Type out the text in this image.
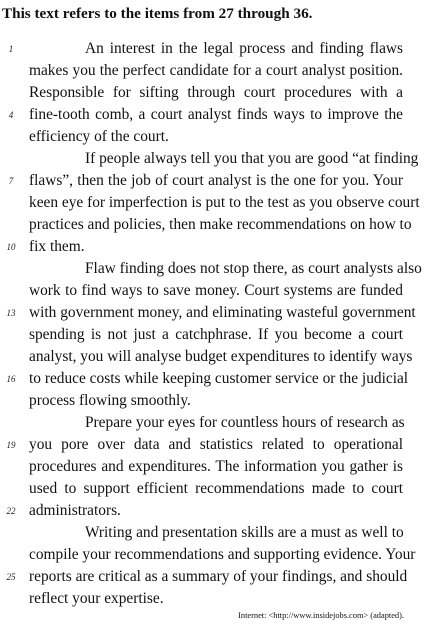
This text refers to the items from 27 through 36.
An interest in the legal process and finding flaws
makes you the perfect candidate for a court analyst position.
Responsible for sifting through court procedures with a
fine-tooth comb, a court analyst finds ways to improve the
efficiency of the court.
If people always tell you that you are good “at finding
flaws”, then the job of court analyst is the one for you. Your
keen eye for imperfection is put to the test as you observe court
practices and policies, then make recommendations on how to
fix them.
Flaw finding does not stop there, as court analysts also
work to find ways to save money. Court systems are funded
with government money, and eliminating wasteful government
spending is not just a catchphrase. If you become a court
analyst, you will analyse budget expenditures to identify ways
to reduce costs while keeping customer service or the judicial
process flowing smoothly.
Prepare your eyes for countless hours of research as
you pore over data and statistics related to operational
procedures and expenditures. The information you gather is
used to support efficient recommendations made to court
administrators.
Writing and presentation skills are a must as well to
compile your recommendations and supporting evidence. Your
reports are critical as a summary of your findings, and should
reflect your expertise.
1
4
7
10
13
16
19
22
25
Internet: <http://www.insidejobs.com> (adapted).
